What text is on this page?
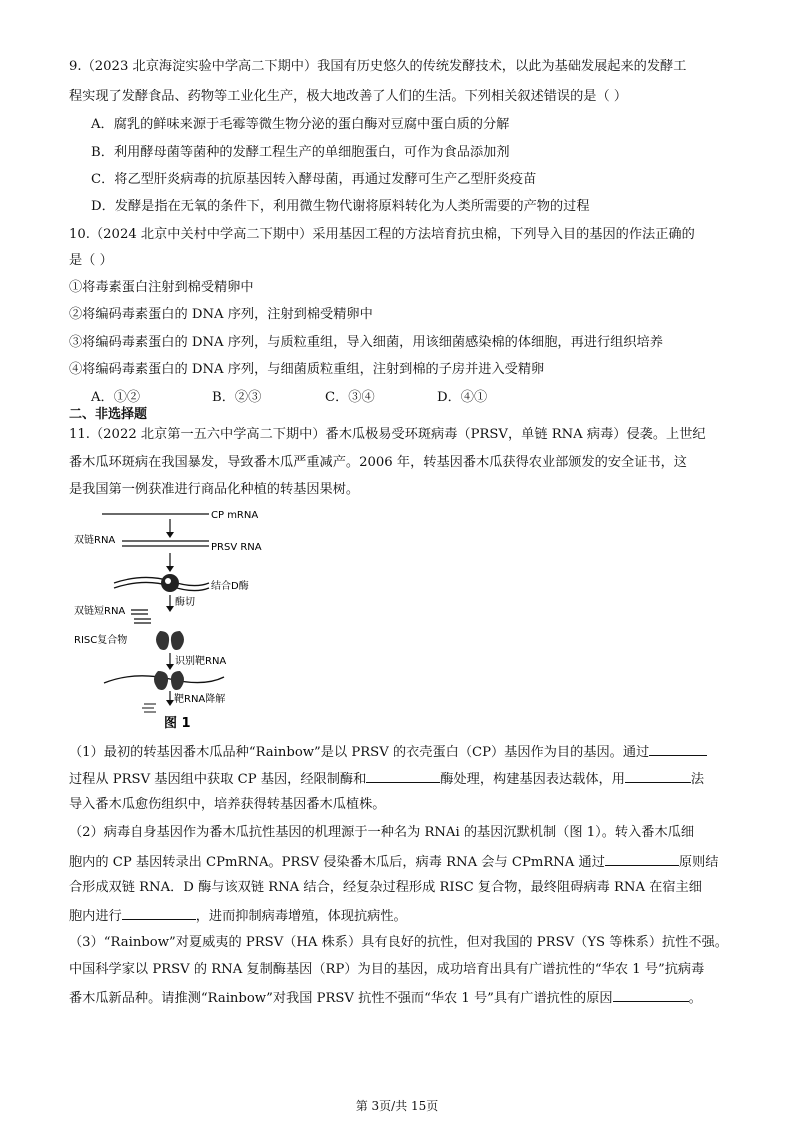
9.（2023 北京海淀实验中学高二下期中）我国有历史悠久的传统发酵技术，以此为基础发展起来的发酵工
程实现了发酵食品、药物等工业化生产，极大地改善了人们的生活。下列相关叙述错误的是（ ）
A．腐乳的鲜味来源于毛霉等微生物分泌的蛋白酶对豆腐中蛋白质的分解
B．利用酵母菌等菌种的发酵工程生产的单细胞蛋白，可作为食品添加剂
C．将乙型肝炎病毒的抗原基因转入酵母菌，再通过发酵可生产乙型肝炎疫苗
D．发酵是指在无氧的条件下，利用微生物代谢将原料转化为人类所需要的产物的过程
10.（2024 北京中关村中学高二下期中）采用基因工程的方法培育抗虫棉，下列导入目的基因的作法正确的
是（ ）
①将毒素蛋白注射到棉受精卵中
②将编码毒素蛋白的 DNA 序列，注射到棉受精卵中
③将编码毒素蛋白的 DNA 序列，与质粒重组，导入细菌，用该细菌感染棉的体细胞，再进行组织培养
④将编码毒素蛋白的 DNA 序列，与细菌质粒重组，注射到棉的子房并进入受精卵
A．①②	B．②③	C．③④	D．④①
二、非选择题
11.（2022 北京第一五六中学高二下期中）番木瓜极易受环斑病毒（PRSV，单链 RNA 病毒）侵袭。上世纪
番木瓜环斑病在我国暴发，导致番木瓜严重减产。2006 年，转基因番木瓜获得农业部颁发的安全证书，这
是我国第一例获准进行商品化种植的转基因果树。
CP mRNA
双链RNA
PRSV RNA
结合D酶
酶切
双链短RNA
RISC复合物
识别靶RNA
靶RNA降解
图 1
（1）最初的转基因番木瓜品种“Rainbow”是以 PRSV 的衣壳蛋白（CP）基因作为目的基因。通过
过程从 PRSV 基因组中获取 CP 基因，经限制酶和	酶处理，构建基因表达载体，用	法
导入番木瓜愈伤组织中，培养获得转基因番木瓜植株。
（2）病毒自身基因作为番木瓜抗性基因的机理源于一种名为 RNAi 的基因沉默机制（图 1）。转入番木瓜细
胞内的 CP 基因转录出 CPmRNA。PRSV 侵染番木瓜后，病毒 RNA 会与 CPmRNA 通过	原则结
合形成双链 RNA．D 酶与该双链 RNA 结合，经复杂过程形成 RISC 复合物，最终阻碍病毒 RNA 在宿主细
胞内进行	，进而抑制病毒增殖，体现抗病性。
（3）“Rainbow”对夏威夷的 PRSV（HA 株系）具有良好的抗性，但对我国的 PRSV（YS 等株系）抗性不强。
中国科学家以 PRSV 的 RNA 复制酶基因（RP）为目的基因，成功培育出具有广谱抗性的“华农 1 号”抗病毒
番木瓜新品种。请推测“Rainbow”对我国 PRSV 抗性不强而“华农 1 号”具有广谱抗性的原因	。
第 3页/共 15页
